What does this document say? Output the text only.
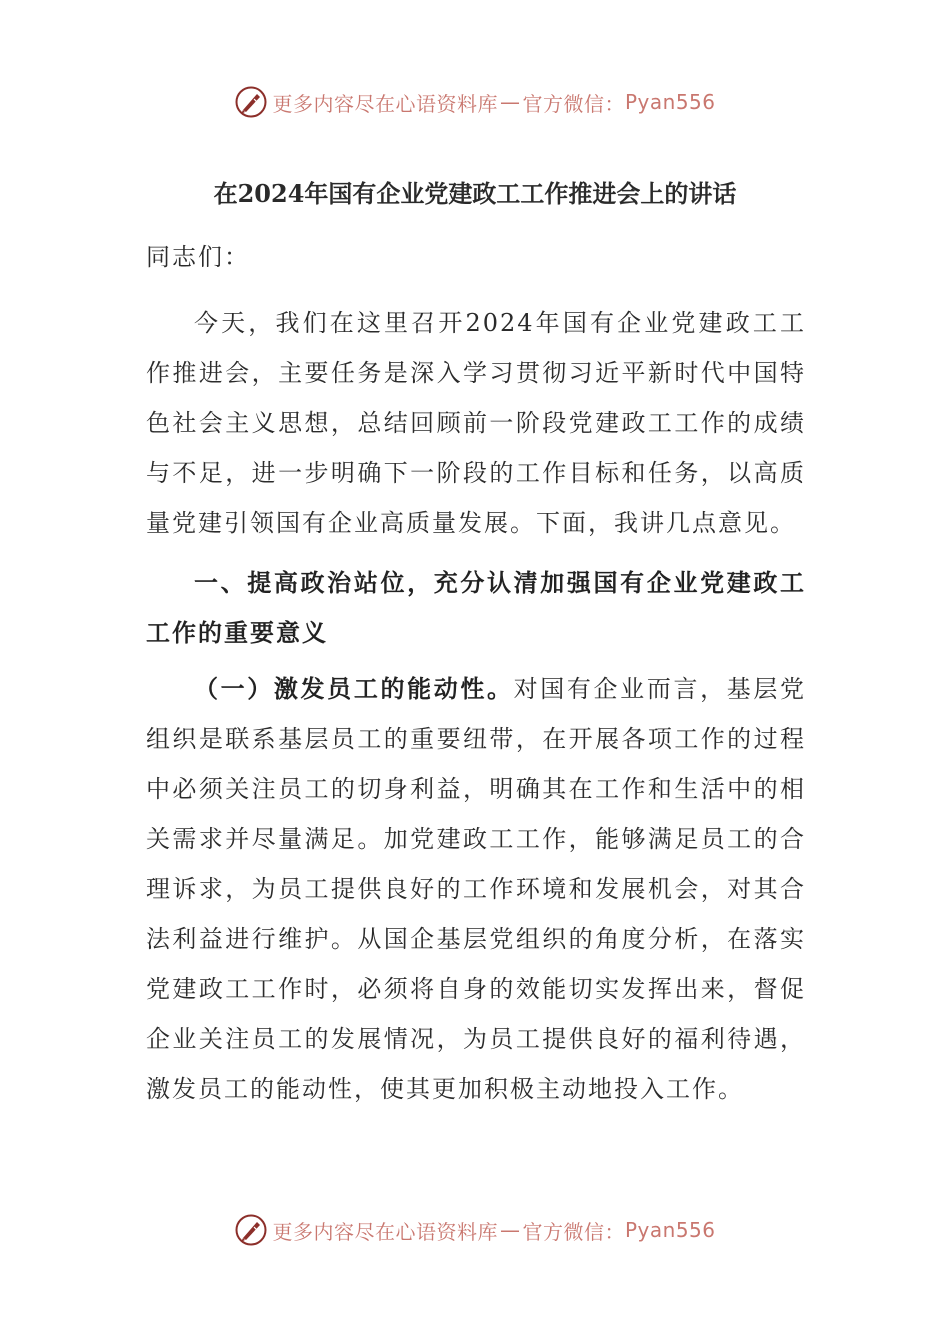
更多内容尽在心语资料库 — 官方微信： Pyan556
在2024年国有企业党建政工工作推进会上的讲话

同志们：

今天，我们在这里召开2024年国有企业党建政工工作推进会，主要任务是深入学习贯彻习近平新时代中国特色社会主义思想，总结回顾前一阶段党建政工工作的成绩与不足，进一步明确下一阶段的工作目标和任务，以高质量党建引领国有企业高质量发展。下面，我讲几点意见。

一、提高政治站位，充分认清加强国有企业党建政工工作的重要意义

（一）激发员工的能动性。对国有企业而言，基层党组织是联系基层员工的重要纽带，在开展各项工作的过程中必须关注员工的切身利益，明确其在工作和生活中的相关需求并尽量满足。加党建政工工作，能够满足员工的合理诉求，为员工提供良好的工作环境和发展机会，对其合法利益进行维护。从国企基层党组织的角度分析，在落实党建政工工作时，必须将自身的效能切实发挥出来，督促企业关注员工的发展情况，为员工提供良好的福利待遇，激发员工的能动性，使其更加积极主动地投入工作。

更多内容尽在心语资料库 — 官方微信： Pyan556
